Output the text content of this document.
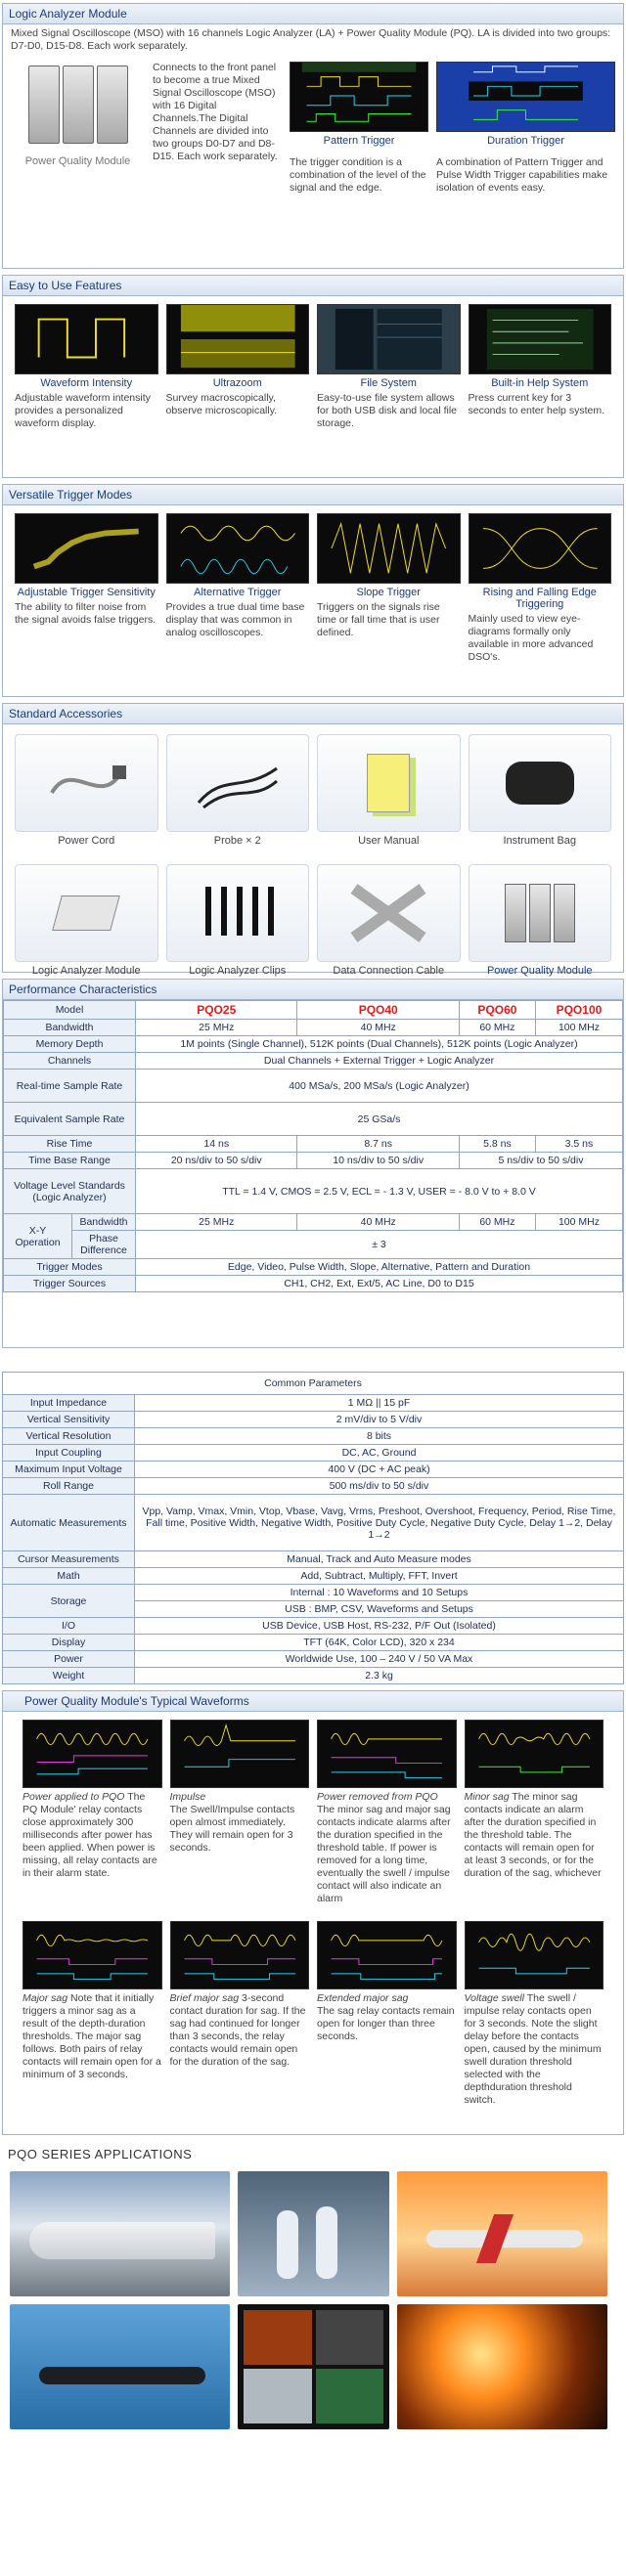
Logic Analyzer Module
Mixed Signal Oscilloscope (MSO) with 16 channels Logic Analyzer (LA) + Power Quality Module (PQ). LA is divided into two groups: D7-D0, D15-D8. Each work separately.
Power Quality Module
Connects to the front panel to become a true Mixed Signal Oscilloscope (MSO) with 16 Digital Channels.The Digital Channels are divided into two groups D0-D7 and D8-D15. Each work separately.
Pattern Trigger
The trigger condition is a combination of the level of the signal and the edge.
Duration Trigger
A combination of Pattern Trigger and Pulse Width Trigger capabilities make isolation of events easy.
Easy to Use Features
Waveform Intensity
Adjustable waveform intensity provides a personalized waveform display.
Ultrazoom
Survey macroscopically, observe microscopically.
File System
Easy-to-use file system allows for both USB disk and local file storage.
Built-in Help System
Press current key for 3 seconds to enter help system.
Versatile Trigger Modes
Adjustable Trigger Sensitivity
The ability to filter noise from the signal avoids false triggers.
Alternative Trigger
Provides a true dual time base display that was common in analog oscilloscopes.
Slope Trigger
Triggers on the signals rise time or fall time that is user defined.
Rising and Falling Edge Triggering
Mainly used to view eye-diagrams formally only available in more advanced DSO's.
Standard Accessories
Power Cord	Probe × 2	User Manual	Instrument Bag
Logic Analyzer Module	Logic Analyzer Clips	Data Connection Cable	Power Quality Module
Performance Characteristics
Model		PQO25	PQO40	PQO60	PQO100
Bandwidth		25 MHz	40 MHz	60 MHz	100 MHz
Memory Depth		1M points (Single Channel), 512K points (Dual Channels), 512K points (Logic Analyzer)			
Channels		Dual Channels + External Trigger + Logic Analyzer			
Real-time Sample Rate		400 MSa/s, 200 MSa/s (Logic Analyzer)			
Equivalent Sample Rate		25 GSa/s			
Rise Time		14 ns	8.7 ns	5.8 ns	3.5 ns
Time Base Range		20 ns/div to 50 s/div	10 ns/div to 50 s/div	5 ns/div to 50 s/div	
Voltage Level Standards (Logic Analyzer)		TTL = 1.4 V, CMOS = 2.5 V, ECL = - 1.3 V, USER = - 8.0 V to + 8.0 V			
X-Y Operation	Bandwidth	25 MHz	40 MHz	60 MHz	100 MHz
	Phase Difference	± 3			
Trigger Modes		Edge, Video, Pulse Width, Slope, Alternative, Pattern and Duration			
Trigger Sources		CH1, CH2, Ext, Ext/5, AC Line, D0 to D15			
Common Parameters	
Input Impedance	1 MΩ || 15 pF
Vertical Sensitivity	2 mV/div to 5 V/div
Vertical Resolution	8 bits
Input Coupling	DC, AC, Ground
Maximum Input Voltage	400 V (DC + AC peak)
Roll Range	500 ms/div to 50 s/div
Automatic Measurements	Vpp, Vamp, Vmax, Vmin, Vtop, Vbase, Vavg, Vrms, Preshoot, Overshoot, Frequency, Period, Rise Time, Fall time, Positive Width, Negative Width, Positive Duty Cycle, Negative Duty Cycle, Delay 1→2, Delay 1→2
Cursor Measurements	Manual, Track and Auto Measure modes
Math	Add, Subtract, Multiply, FFT, Invert
Storage	Internal : 10 Waveforms and 10 Setups
	USB : BMP, CSV, Waveforms and Setups
I/O	USB Device, USB Host, RS-232, P/F Out (Isolated)
Display	TFT (64K, Color LCD), 320 x 234
Power	Worldwide Use, 100 – 240 V / 50 VA Max
Weight	2.3 kg
Power Quality Module's Typical Waveforms
Power applied to PQO The PQ Module' relay contacts close approximately 300 milliseconds after power has been applied. When power is missing, all relay contacts are in their alarm state.
Impulse
The Swell/Impulse contacts open almost immediately. They will remain open for 3 seconds.
Power removed from PQO
The minor sag and major sag contacts indicate alarms after the duration specified in the threshold table. If power is removed for a long time, eventually the swell / impulse contact will also indicate an alarm
Minor sag The minor sag contacts indicate an alarm after the duration specified in the threshold table. The contacts will remain open for at least 3 seconds, or for the duration of the sag, whichever
Major sag Note that it initially triggers a minor sag as a result of the depth-duration thresholds. The major sag follows. Both pairs of relay contacts will remain open for a minimum of 3 seconds.
Brief major sag 3-second contact duration for sag. If the sag had continued for longer than 3 seconds, the relay contacts would remain open for the duration of the sag.
Extended major sag
The sag relay contacts remain open for longer than three seconds.
Voltage swell The swell / impulse relay contacts open for 3 seconds. Note the slight delay before the contacts open, caused by the minimum swell duration threshold selected with the depthduration threshold switch.
PQO SERIES APPLICATIONS
